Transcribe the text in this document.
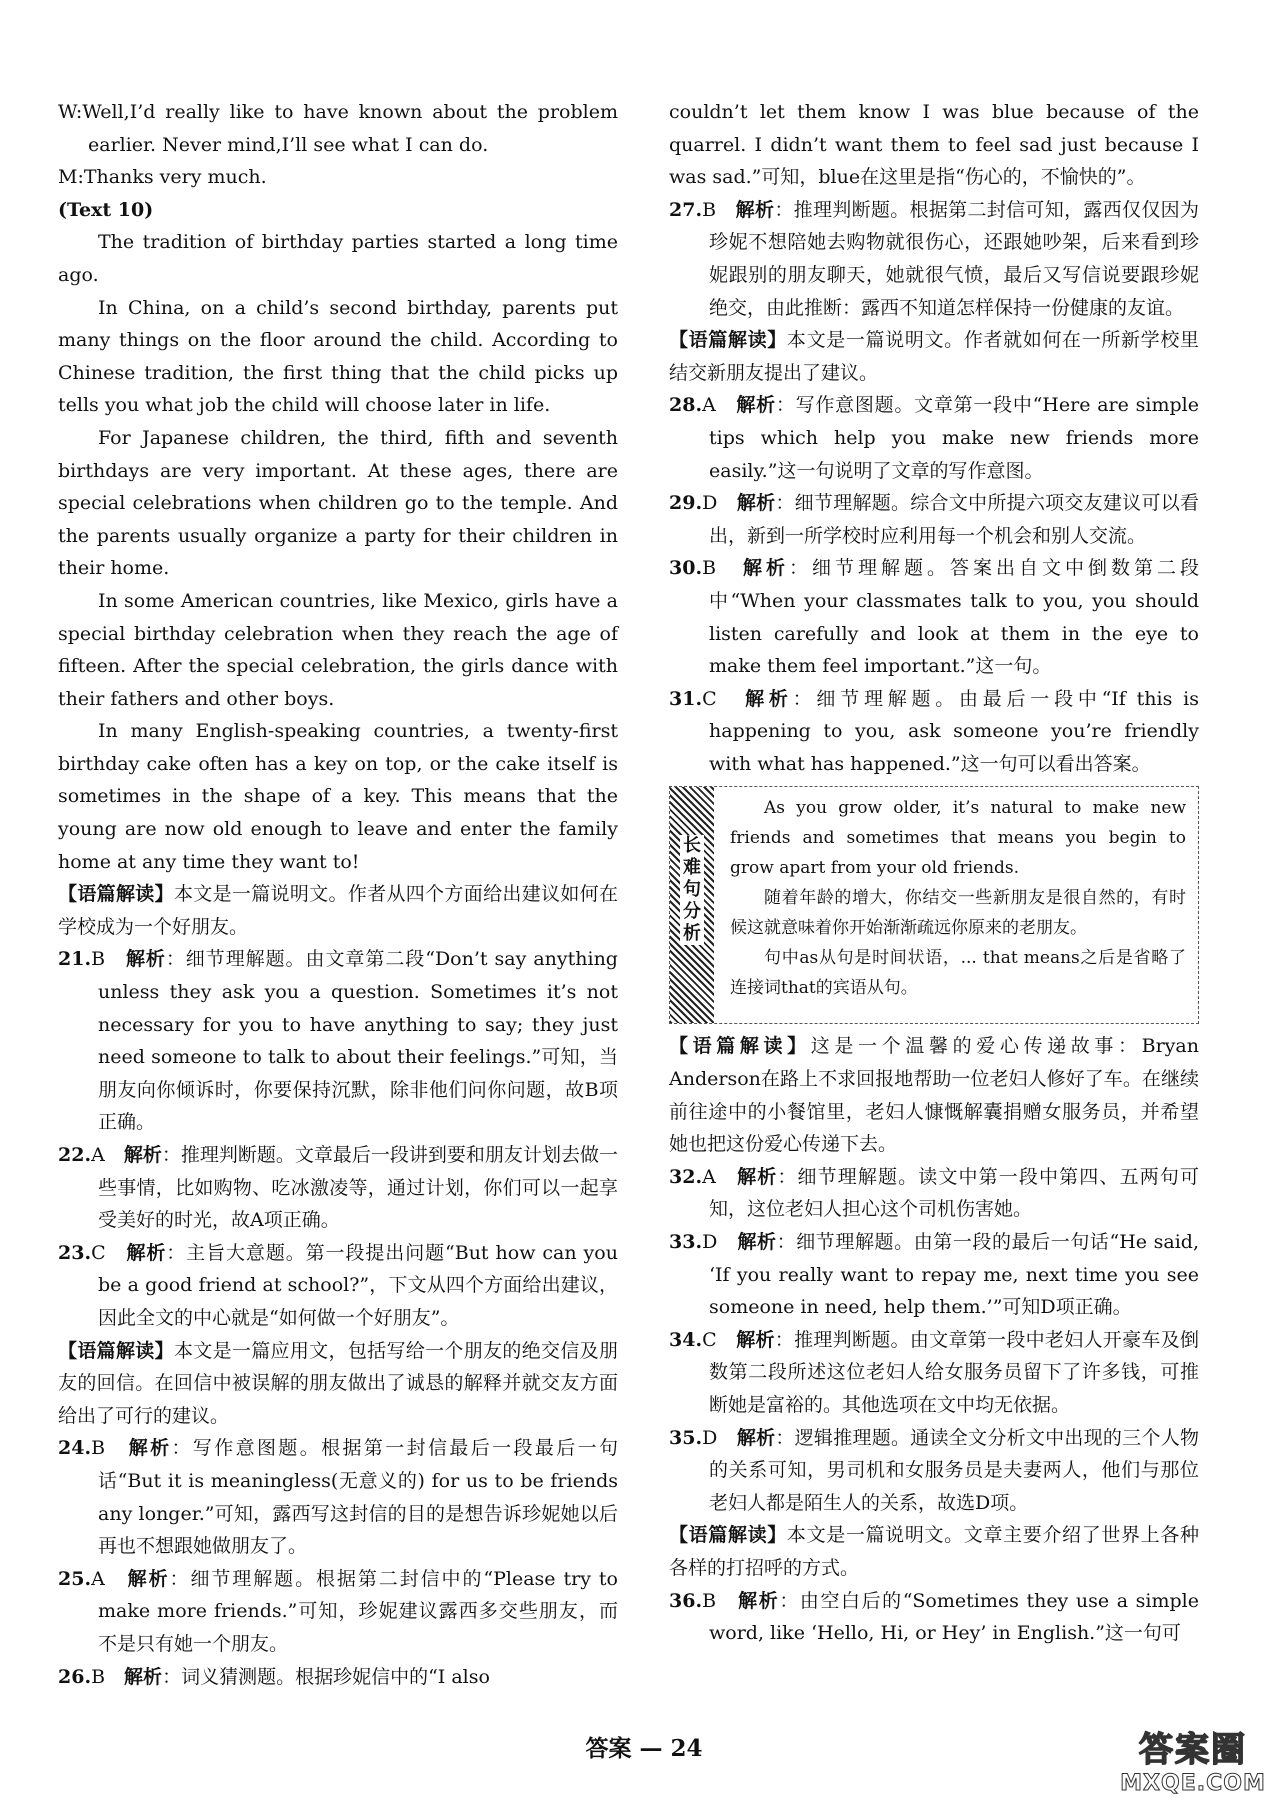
W:Well,I’d really like to have known about the problem earlier. Never mind,I’ll see what I can do.

M:Thanks very much.

(Text 10)

The tradition of birthday parties started a long time ago.

In China, on a child’s second birthday, parents put many things on the floor around the child. According to Chinese tradition, the first thing that the child picks up tells you what job the child will choose later in life.

For Japanese children, the third, fifth and seventh birthdays are very important. At these ages, there are special celebrations when children go to the temple. And the parents usually organize a party for their children in their home.

In some American countries, like Mexico, girls have a special birthday celebration when they reach the age of fifteen. After the special celebration, the girls dance with their fathers and other boys.

In many English-speaking countries, a twenty-first birthday cake often has a key on top, or the cake itself is sometimes in the shape of a key. This means that the young are now old enough to leave and enter the family home at any time they want to!

【语篇解读】本文是一篇说明文。作者从四个方面给出建议如何在学校成为一个好朋友。

21.B　 解析：细节理解题。由文章第二段“Don’t say anything unless they ask you a question. Sometimes it’s not necessary for you to have anything to say; they just need someone to talk to about their feelings.”可知，当朋友向你倾诉时，你要保持沉默，除非他们问你问题，故B项正确。

22.A　 解析：推理判断题。文章最后一段讲到要和朋友计划去做一些事情，比如购物、吃冰激凌等，通过计划，你们可以一起享受美好的时光，故A项正确。

23.C　 解析：主旨大意题。第一段提出问题“But how can you be a good friend at school?”，下文从四个方面给出建议，因此全文的中心就是“如何做一个好朋友”。

【语篇解读】本文是一篇应用文，包括写给一个朋友的绝交信及朋友的回信。在回信中被误解的朋友做出了诚恳的解释并就交友方面给出了可行的建议。

24.B　 解析：写作意图题。根据第一封信最后一段最后一句话“But it is meaningless(无意义的) for us to be friends any longer.”可知，露西写这封信的目的是想告诉珍妮她以后再也不想跟她做朋友了。

25.A　 解析：细节理解题。根据第二封信中的“Please try to make more friends.”可知，珍妮建议露西多交些朋友，而不是只有她一个朋友。

26.B　 解析：词义猜测题。根据珍妮信中的“I also

couldn’t let them know I was blue because of the quarrel. I didn’t want them to feel sad just because I was sad.”可知，blue在这里是指“伤心的，不愉快的”。

27.B　 解析：推理判断题。根据第二封信可知，露西仅仅因为珍妮不想陪她去购物就很伤心，还跟她吵架，后来看到珍妮跟别的朋友聊天，她就很气愤，最后又写信说要跟珍妮绝交，由此推断：露西不知道怎样保持一份健康的友谊。

【语篇解读】本文是一篇说明文。作者就如何在一所新学校里结交新朋友提出了建议。

28.A　 解析：写作意图题。文章第一段中“Here are simple tips which help you make new friends more easily.”这一句说明了文章的写作意图。

29.D　 解析：细节理解题。综合文中所提六项交友建议可以看出，新到一所学校时应利用每一个机会和别人交流。

30.B　 解析：细节理解题。答案出自文中倒数第二段中“When your classmates talk to you, you should listen carefully and look at them in the eye to make them feel important.”这一句。

31.C　 解析：细节理解题。由最后一段中“If this is happening to you, ask someone you’re friendly with what has happened.”这一句可以看出答案。

长难句分析

As you grow older, it’s natural to make new friends and sometimes that means you begin to grow apart from your old friends.

随着年龄的增大，你结交一些新朋友是很自然的，有时候这就意味着你开始渐渐疏远你原来的老朋友。

句中as从句是时间状语，... that means之后是省略了连接词that的宾语从句。

【语篇解读】这是一个温馨的爱心传递故事：Bryan Anderson在路上不求回报地帮助一位老妇人修好了车。在继续前往途中的小餐馆里，老妇人慷慨解囊捐赠女服务员，并希望她也把这份爱心传递下去。

32.A　 解析：细节理解题。读文中第一段中第四、五两句可知，这位老妇人担心这个司机伤害她。

33.D　 解析：细节理解题。由第一段的最后一句话“He said, ‘If you really want to repay me, next time you see someone in need, help them.’”可知D项正确。

34.C　 解析：推理判断题。由文章第一段中老妇人开豪车及倒数第二段所述这位老妇人给女服务员留下了许多钱，可推断她是富裕的。其他选项在文中均无依据。

35.D　 解析：逻辑推理题。通读全文分析文中出现的三个人物的关系可知，男司机和女服务员是夫妻两人，他们与那位老妇人都是陌生人的关系，故选D项。

【语篇解读】本文是一篇说明文。文章主要介绍了世界上各种各样的打招呼的方式。

36.B　 解析：由空白后的“Sometimes they use a simple word, like ‘Hello, Hi, or Hey’ in English.”这一句可

答案 — 24	答案圈
MXQE.COM
